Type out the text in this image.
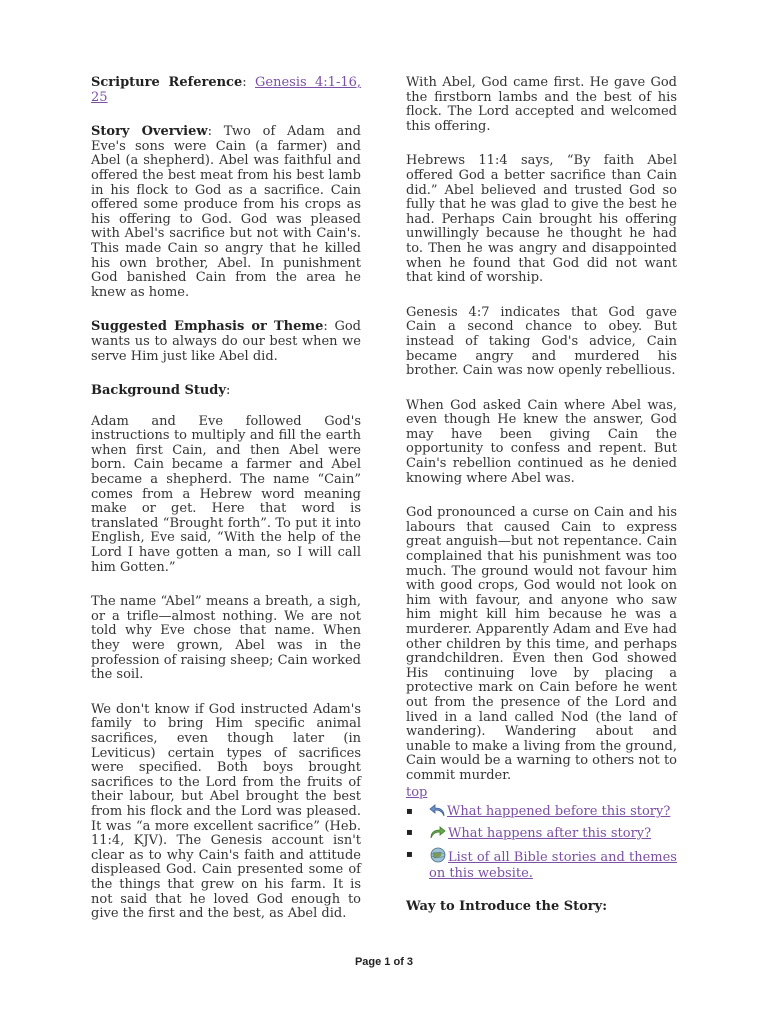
Scripture Reference: Genesis 4:1-16, 25

Story Overview: Two of Adam and Eve's sons were Cain (a farmer) and Abel (a shepherd). Abel was faithful and offered the best meat from his best lamb in his flock to God as a sacrifice. Cain offered some produce from his crops as his offering to God. God was pleased with Abel's sacrifice but not with Cain's. This made Cain so angry that he killed his own brother, Abel. In punishment God banished Cain from the area he knew as home.

Suggested Emphasis or Theme: God wants us to always do our best when we serve Him just like Abel did.

Background Study:

Adam and Eve followed God's instructions to multiply and fill the earth when first Cain, and then Abel were born. Cain became a farmer and Abel became a shepherd. The name “Cain” comes from a Hebrew word meaning make or get. Here that word is translated “Brought forth”. To put it into English, Eve said, “With the help of the Lord I have gotten a man, so I will call him Gotten.”

The name “Abel” means a breath, a sigh, or a trifle—almost nothing. We are not told why Eve chose that name. When they were grown, Abel was in the profession of raising sheep; Cain worked the soil.

We don't know if God instructed Adam's family to bring Him specific animal sacrifices, even though later (in Leviticus) certain types of sacrifices were specified. Both boys brought sacrifices to the Lord from the fruits of their labour, but Abel brought the best from his flock and the Lord was pleased. It was “a more excellent sacrifice” (Heb. 11:4, KJV). The Genesis account isn't clear as to why Cain's faith and attitude displeased God. Cain presented some of the things that grew on his farm. It is not said that he loved God enough to give the first and the best, as Abel did.

With Abel, God came first. He gave God the firstborn lambs and the best of his flock. The Lord accepted and welcomed this offering.

Hebrews 11:4 says, “By faith Abel offered God a better sacrifice than Cain did.” Abel believed and trusted God so fully that he was glad to give the best he had. Perhaps Cain brought his offering unwillingly because he thought he had to. Then he was angry and disappointed when he found that God did not want that kind of worship.

Genesis 4:7 indicates that God gave Cain a second chance to obey. But instead of taking God's advice, Cain became angry and murdered his brother. Cain was now openly rebellious.

When God asked Cain where Abel was, even though He knew the answer, God may have been giving Cain the opportunity to confess and repent. But Cain's rebellion continued as he denied knowing where Abel was.

God pronounced a curse on Cain and his labours that caused Cain to express great anguish—but not repentance. Cain complained that his punishment was too much. The ground would not favour him with good crops, God would not look on him with favour, and anyone who saw him might kill him because he was a murderer. Apparently Adam and Eve had other children by this time, and perhaps grandchildren. Even then God showed His continuing love by placing a protective mark on Cain before he went out from the presence of the Lord and lived in a land called Nod (the land of wandering). Wandering about and unable to make a living from the ground, Cain would be a warning to others not to commit murder.

top
▪	What happened before this story?
▪	What happens after this story?
▪	List of all Bible stories and themes on this website.

Way to Introduce the Story:

Page 1 of 3
